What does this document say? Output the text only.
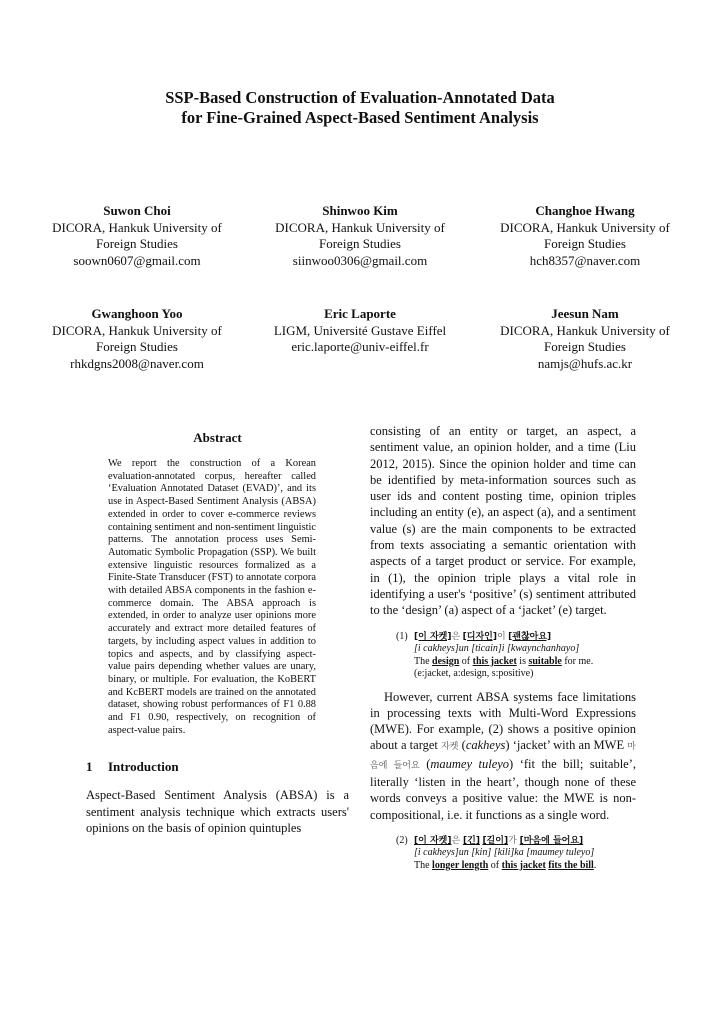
SSP-Based Construction of Evaluation-Annotated Data
for Fine-Grained Aspect-Based Sentiment Analysis
Suwon Choi
DICORA, Hankuk University of
Foreign Studies
soown0607@gmail.com
Shinwoo Kim
DICORA, Hankuk University of
Foreign Studies
siinwoo0306@gmail.com
Changhoe Hwang
DICORA, Hankuk University of
Foreign Studies
hch8357@naver.com
Gwanghoon Yoo
DICORA, Hankuk University of
Foreign Studies
rhkdgns2008@naver.com
Eric Laporte
LIGM, Université Gustave Eiffel
eric.laporte@univ-eiffel.fr
Jeesun Nam
DICORA, Hankuk University of
Foreign Studies
namjs@hufs.ac.kr
Abstract

We report the construction of a Korean evaluation-annotated corpus, hereafter called ‘Evaluation Annotated Dataset (EVAD)’, and its use in Aspect-Based Sentiment Analysis (ABSA) extended in order to cover e-commerce reviews containing sentiment and non-sentiment linguistic patterns. The annotation process uses Semi-Automatic Symbolic Propagation (SSP). We built extensive linguistic resources formalized as a Finite-State Transducer (FST) to annotate corpora with detailed ABSA components in the fashion e-commerce domain. The ABSA approach is extended, in order to analyze user opinions more accurately and extract more detailed features of targets, by including aspect values in addition to topics and aspects, and by classifying aspect-value pairs depending whether values are unary, binary, or multiple. For evaluation, the KoBERT and KcBERT models are trained on the annotated dataset, showing robust performances of F1 0.88 and F1 0.90, respectively, on recognition of aspect-value pairs.

1 Introduction

Aspect-Based Sentiment Analysis (ABSA) is a sentiment analysis technique which extracts users' opinions on the basis of opinion quintuples

consisting of an entity or target, an aspect, a sentiment value, an opinion holder, and a time (Liu 2012, 2015). Since the opinion holder and time can be identified by meta-information sources such as user ids and content posting time, opinion triples including an entity (e), an aspect (a), and a sentiment value (s) are the main components to be extracted from texts associating a semantic orientation with aspects of a target product or service. For example, in (1), the opinion triple plays a vital role in identifying a user's ‘positive’ (s) sentiment attributed to the ‘design’ (a) aspect of a ‘jacket’ (e) target.

(1) [이 자켓]은 [디자인]이 [괜찮아요]
[i cakheys]un [ticain]i [kwaynchanhayo]
The design of this jacket is suitable for me.
(e:jacket, a:design, s:positive)

However, current ABSA systems face limitations in processing texts with Multi-Word Expressions (MWE). For example, (2) shows a positive opinion about a target 자켓 (cakheys) ‘jacket’ with an MWE 마음에 들어요 (maumey tuleyo) ‘fit the bill; suitable’, literally ‘listen in the heart’, though none of these words conveys a positive value: the MWE is non-compositional, i.e. it functions as a single word.

(2) [이 자켓]은 [긴] [길이]가 [마음에 들어요]
[i cakheys]un [kin] [kili]ka [maumey tuleyo]
The longer length of this jacket fits the bill.
